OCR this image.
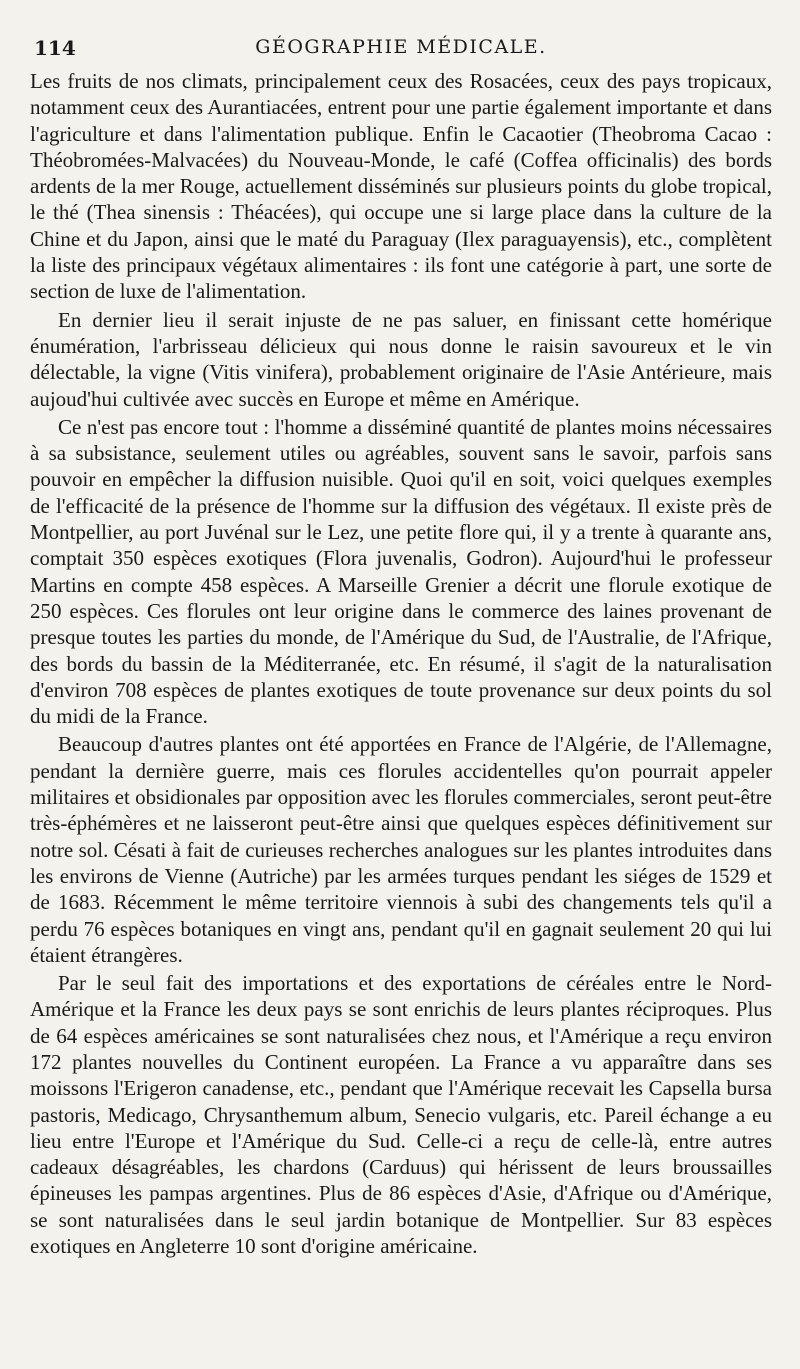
114	GÉOGRAPHIE MÉDICALE.

Les fruits de nos climats, principalement ceux des Rosacées, ceux des pays tropicaux, notamment ceux des Aurantiacées, entrent pour une partie également importante et dans l'agriculture et dans l'alimentation publique. Enfin le Cacaotier (Theobroma Cacao : Théobromées-Malvacées) du Nouveau-Monde, le café (Coffea officinalis) des bords ardents de la mer Rouge, actuellement disséminés sur plusieurs points du globe tropical, le thé (Thea sinensis : Théacées), qui occupe une si large place dans la culture de la Chine et du Japon, ainsi que le maté du Paraguay (Ilex paraguayensis), etc., complètent la liste des principaux végétaux alimentaires : ils font une catégorie à part, une sorte de section de luxe de l'alimentation.

En dernier lieu il serait injuste de ne pas saluer, en finissant cette homérique énumération, l'arbrisseau délicieux qui nous donne le raisin savoureux et le vin délectable, la vigne (Vitis vinifera), probablement originaire de l'Asie Antérieure, mais aujoud'hui cultivée avec succès en Europe et même en Amérique.

Ce n'est pas encore tout : l'homme a disséminé quantité de plantes moins nécessaires à sa subsistance, seulement utiles ou agréables, souvent sans le savoir, parfois sans pouvoir en empêcher la diffusion nuisible. Quoi qu'il en soit, voici quelques exemples de l'efficacité de la présence de l'homme sur la diffusion des végétaux. Il existe près de Montpellier, au port Juvénal sur le Lez, une petite flore qui, il y a trente à quarante ans, comptait 350 espèces exotiques (Flora juvenalis, Godron). Aujourd'hui le professeur Martins en compte 458 espèces. A Marseille Grenier a décrit une florule exotique de 250 espèces. Ces florules ont leur origine dans le commerce des laines provenant de presque toutes les parties du monde, de l'Amérique du Sud, de l'Australie, de l'Afrique, des bords du bassin de la Méditerranée, etc. En résumé, il s'agit de la naturalisation d'environ 708 espèces de plantes exotiques de toute provenance sur deux points du sol du midi de la France.

Beaucoup d'autres plantes ont été apportées en France de l'Algérie, de l'Allemagne, pendant la dernière guerre, mais ces florules accidentelles qu'on pourrait appeler militaires et obsidionales par opposition avec les florules commerciales, seront peut-être très-éphémères et ne laisseront peut-être ainsi que quelques espèces définitivement sur notre sol. Césati à fait de curieuses recherches analogues sur les plantes introduites dans les environs de Vienne (Autriche) par les armées turques pendant les siéges de 1529 et de 1683. Récemment le même territoire viennois à subi des changements tels qu'il a perdu 76 espèces botaniques en vingt ans, pendant qu'il en gagnait seulement 20 qui lui étaient étrangères.

Par le seul fait des importations et des exportations de céréales entre le Nord-Amérique et la France les deux pays se sont enrichis de leurs plantes réciproques. Plus de 64 espèces américaines se sont naturalisées chez nous, et l'Amérique a reçu environ 172 plantes nouvelles du Continent européen. La France a vu apparaître dans ses moissons l'Erigeron canadense, etc., pendant que l'Amérique recevait les Capsella bursa pastoris, Medicago, Chrysanthemum album, Senecio vulgaris, etc. Pareil échange a eu lieu entre l'Europe et l'Amérique du Sud. Celle-ci a reçu de celle-là, entre autres cadeaux désagréables, les chardons (Carduus) qui hérissent de leurs broussailles épineuses les pampas argentines. Plus de 86 espèces d'Asie, d'Afrique ou d'Amérique, se sont naturalisées dans le seul jardin botanique de Montpellier. Sur 83 espèces exotiques en Angleterre 10 sont d'origine américaine.
